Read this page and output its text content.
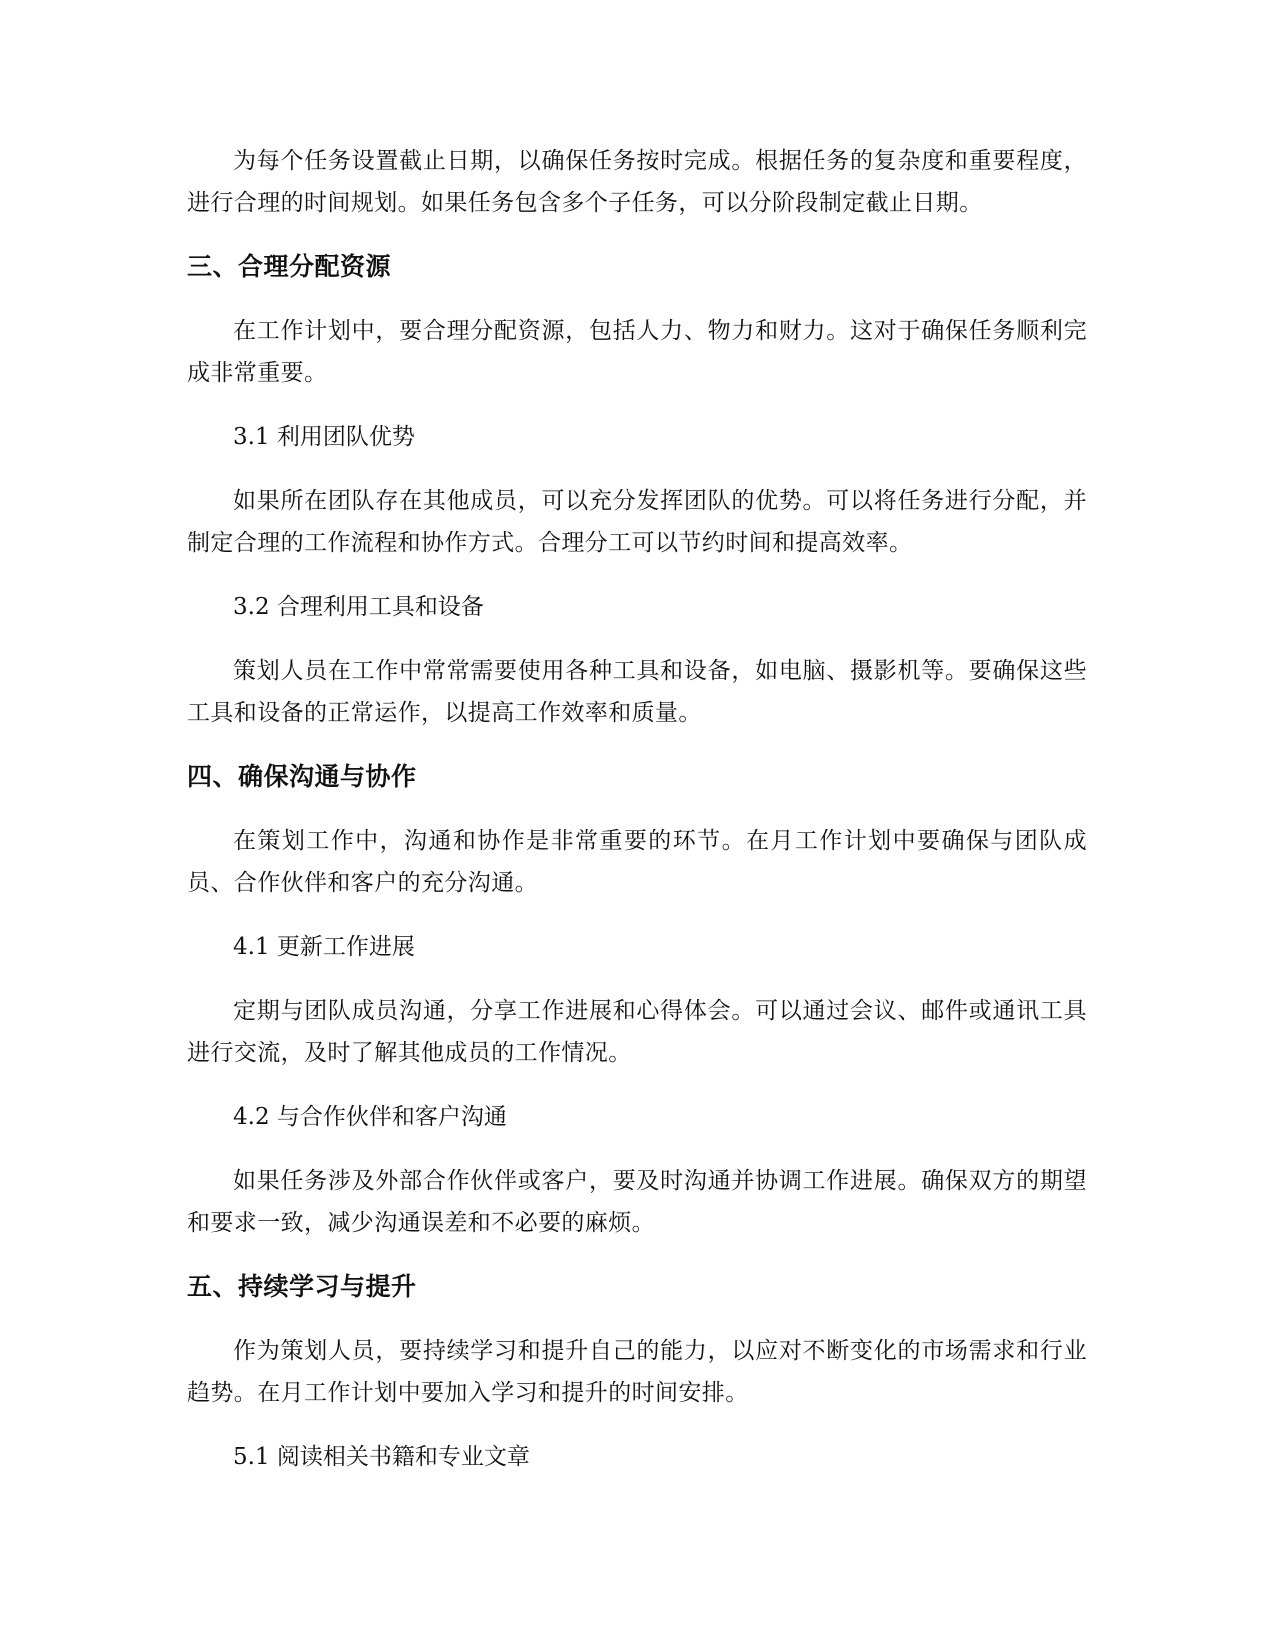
为每个任务设置截止日期，以确保任务按时完成。根据任务的复杂度和重要程度，进行合理的时间规划。如果任务包含多个子任务，可以分阶段制定截止日期。

三、合理分配资源

在工作计划中，要合理分配资源，包括人力、物力和财力。这对于确保任务顺利完成非常重要。

3.1 利用团队优势

如果所在团队存在其他成员，可以充分发挥团队的优势。可以将任务进行分配，并制定合理的工作流程和协作方式。合理分工可以节约时间和提高效率。

3.2 合理利用工具和设备

策划人员在工作中常常需要使用各种工具和设备，如电脑、摄影机等。要确保这些工具和设备的正常运作，以提高工作效率和质量。

四、确保沟通与协作

在策划工作中，沟通和协作是非常重要的环节。在月工作计划中要确保与团队成员、合作伙伴和客户的充分沟通。

4.1 更新工作进展

定期与团队成员沟通，分享工作进展和心得体会。可以通过会议、邮件或通讯工具进行交流，及时了解其他成员的工作情况。

4.2 与合作伙伴和客户沟通

如果任务涉及外部合作伙伴或客户，要及时沟通并协调工作进展。确保双方的期望和要求一致，减少沟通误差和不必要的麻烦。

五、持续学习与提升

作为策划人员，要持续学习和提升自己的能力，以应对不断变化的市场需求和行业趋势。在月工作计划中要加入学习和提升的时间安排。

5.1 阅读相关书籍和专业文章
